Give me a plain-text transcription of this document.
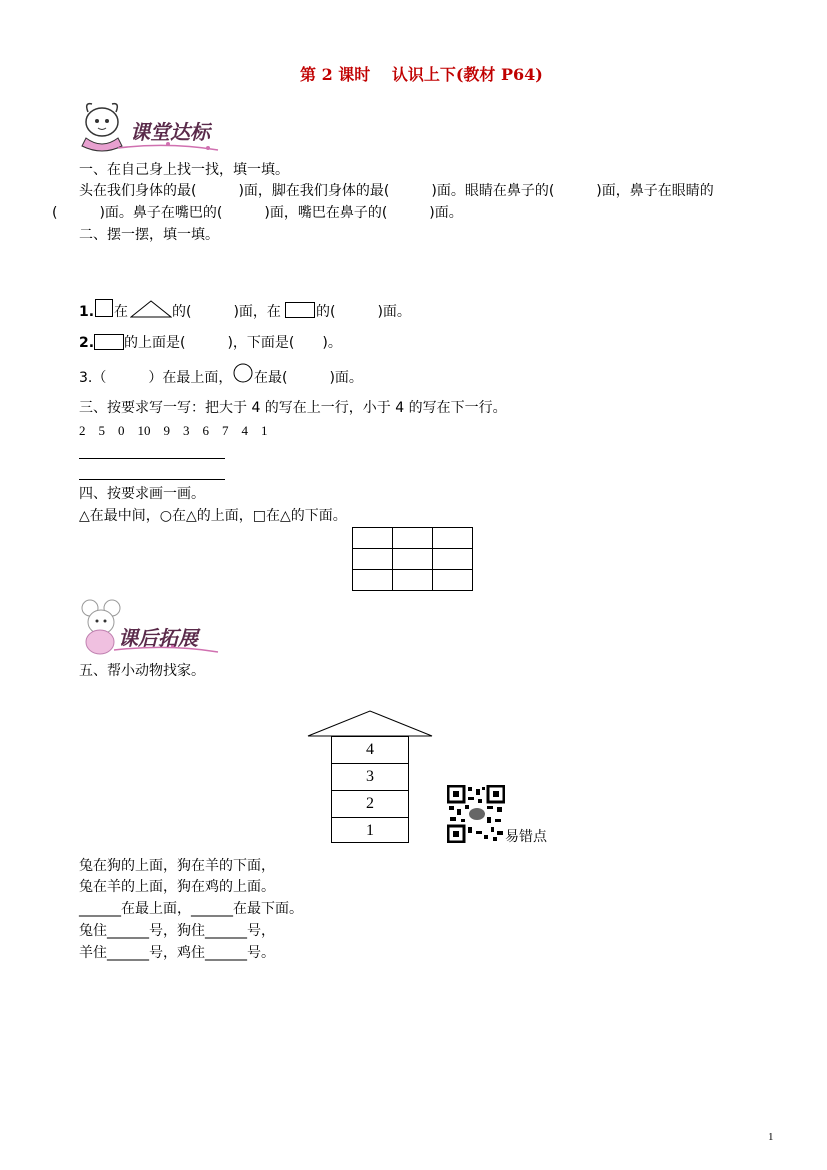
第 2 课时　 认识上下(教材 P64)
课堂达标
一、在自己身上找一找，填一填。
头在我们身体的最(　　　)面，脚在我们身体的最(　　　)面。眼睛在鼻子的(　　　)面，鼻子在眼睛的
(　　　)面。鼻子在嘴巴的(　　　)面，嘴巴在鼻子的(　　　)面。
二、摆一摆，填一填。
1. 在	的(　　　)面，在	的(　　　)面。
2. 的上面是(　　　)，下面是(　　)。
3.（　　　）在最上面， 在最(　　　)面。
三、按要求写一写：把大于 4 的写在上一行，小于 4 的写在下一行。
2　5　0　10　9　3　6　7　4　1
四、按要求画一画。
△在最中间，○在△的上面，□在△的下面。

课后拓展
五、帮小动物找家。
4
3
2
1	易错点
兔在狗的上面，狗在羊的下面，
兔在羊的上面，狗在鸡的上面。
______在最上面，______在最下面。
兔住______号，狗住______号，
羊住______号，鸡住______号。
1
